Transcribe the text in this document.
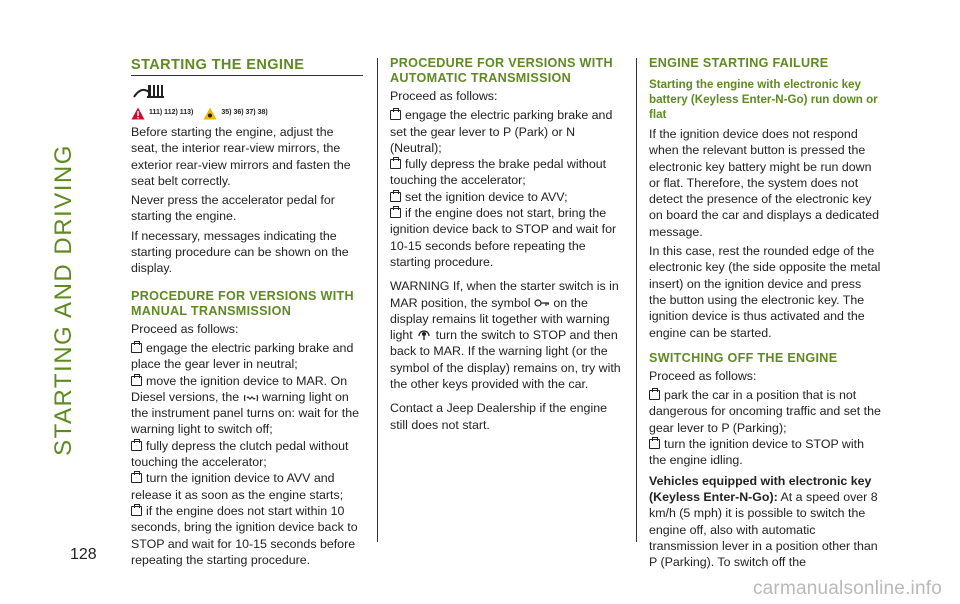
STARTING AND DRIVING
128
STARTING THE ENGINE
111) 112) 113)	35) 36) 37) 38)

Before starting the engine, adjust the seat, the interior rear-view mirrors, the exterior rear-view mirrors and fasten the seat belt correctly.

Never press the accelerator pedal for starting the engine.

If necessary, messages indicating the starting procedure can be shown on the display.

PROCEDURE FOR VERSIONS WITH MANUAL TRANSMISSION

Proceed as follows:

engage the electric parking brake and place the gear lever in neutral;
move the ignition device to MAR. On Diesel versions, the warning light on the instrument panel turns on: wait for the warning light to switch off;
fully depress the clutch pedal without touching the accelerator;
turn the ignition device to AVV and release it as soon as the engine starts;
if the engine does not start within 10 seconds, bring the ignition device back to STOP and wait for 10-15 seconds before repeating the starting procedure.
PROCEDURE FOR VERSIONS WITH AUTOMATIC TRANSMISSION

Proceed as follows:

engage the electric parking brake and set the gear lever to P (Park) or N (Neutral);
fully depress the brake pedal without touching the accelerator;
set the ignition device to AVV;
if the engine does not start, bring the ignition device back to STOP and wait for 10-15 seconds before repeating the starting procedure.

WARNING If, when the starter switch is in MAR position, the symbol on the display remains lit together with warning light turn the switch to STOP and then back to MAR. If the warning light (or the symbol of the display) remains on, try with the other keys provided with the car.

Contact a Jeep Dealership if the engine still does not start.

ENGINE STARTING FAILURE
Starting the engine with electronic key battery (Keyless Enter-N-Go) run down or flat

If the ignition device does not respond when the relevant button is pressed the electronic key battery might be run down or flat. Therefore, the system does not detect the presence of the electronic key on board the car and displays a dedicated message.

In this case, rest the rounded edge of the electronic key (the side opposite the metal insert) on the ignition device and press the button using the electronic key. The ignition device is thus activated and the engine can be started.

SWITCHING OFF THE ENGINE

Proceed as follows:

park the car in a position that is not dangerous for oncoming traffic and set the gear lever to P (Parking);
turn the ignition device to STOP with the engine idling.

Vehicles equipped with electronic key (Keyless Enter-N-Go): At a speed over 8 km/h (5 mph) it is possible to switch the engine off, also with automatic transmission lever in a position other than P (Parking). To switch off the

carmanualsonline.info
